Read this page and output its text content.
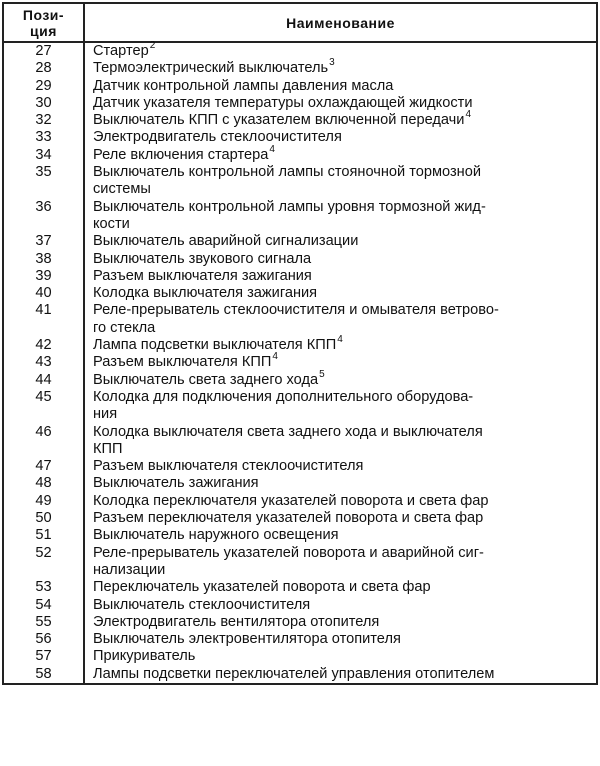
Пози-
ция	Наименование
27	Стартер$^2$

28	Термоэлектрический выключатель$^3$

29	Датчик контрольной лампы давления масла

30	Датчик указателя температуры охлаждающей жидкости

32	Выключатель КПП с указателем включенной передачи$^4$

33	Электродвигатель стеклоочистителя

34	Реле включения стартера$^4$

35	Выключатель контрольной лампы стояночной тормозной
системы

36	Выключатель контрольной лампы уровня тормозной жид-
кости

37	Выключатель аварийной сигнализации

38	Выключатель звукового сигнала

39	Разъем выключателя зажигания

40	Колодка выключателя зажигания

41	Реле-прерыватель стеклоочистителя и омывателя ветрово-
го стекла

42	Лампа подсветки выключателя КПП$^4$

43	Разъем выключателя КПП$^4$

44	Выключатель света заднего хода$^5$

45	Колодка для подключения дополнительного оборудова-
ния

46	Колодка выключателя света заднего хода и выключателя
КПП

47	Разъем выключателя стеклоочистителя

48	Выключатель зажигания

49	Колодка переключателя указателей поворота и света фар

50	Разъем переключателя указателей поворота и света фар

51	Выключатель наружного освещения

52	Реле-прерыватель указателей поворота и аварийной сиг-
нализации

53	Переключатель указателей поворота и света фар

54	Выключатель стеклоочистителя

55	Электродвигатель вентилятора отопителя

56	Выключатель электровентилятора отопителя

57	Прикуриватель

58	Лампы подсветки переключателей управления отопителем
